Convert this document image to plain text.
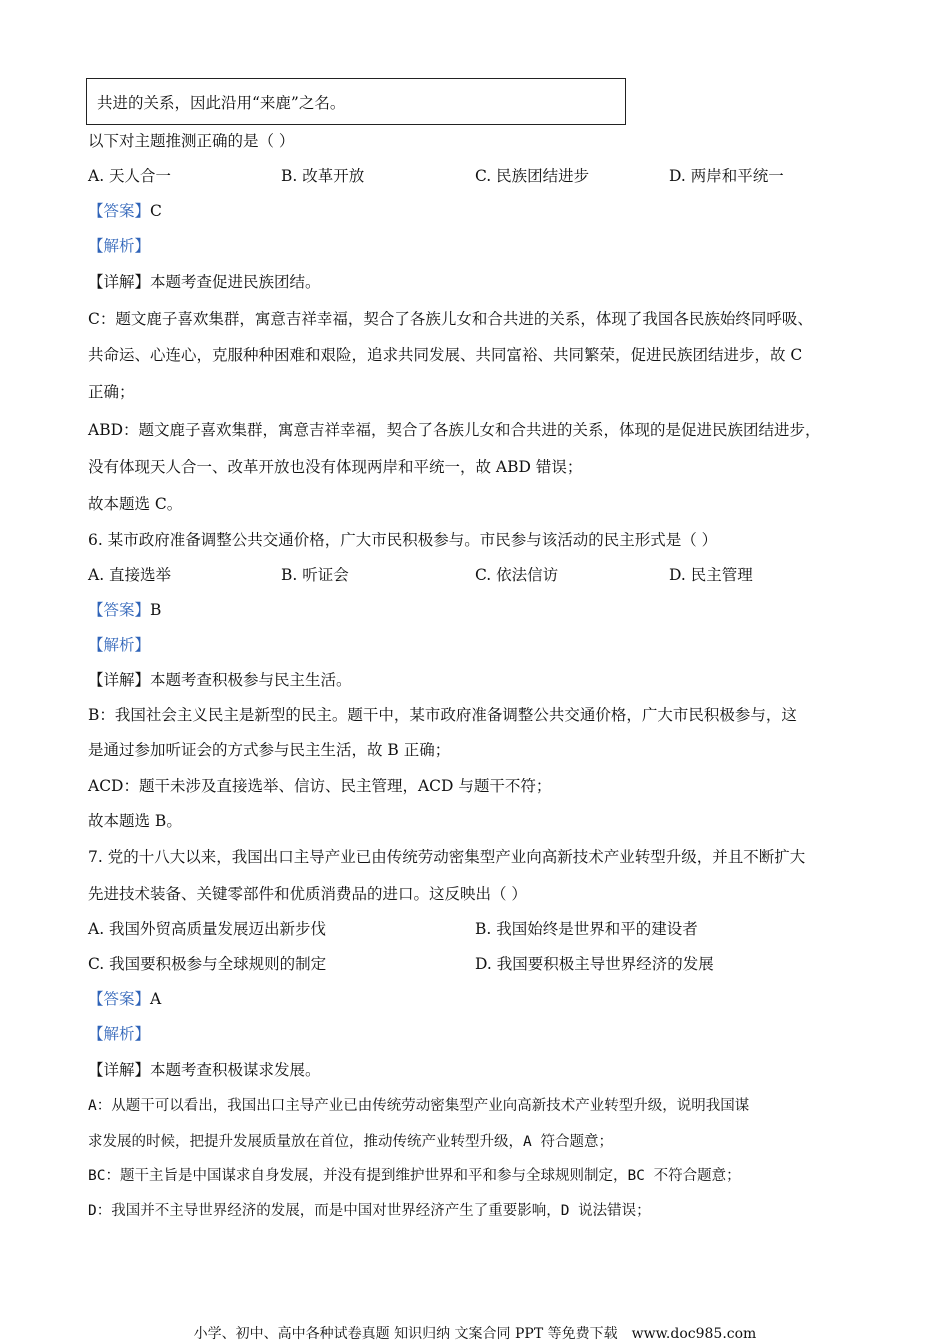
共进的关系，因此沿用“来鹿”之名。
以下对主题推测正确的是（ ）
A. 天人合一	B. 改革开放	C. 民族团结进步	D. 两岸和平统一
【答案】C
【解析】
【详解】本题考查促进民族团结。
C：题文鹿子喜欢集群，寓意吉祥幸福，契合了各族儿女和合共进的关系，体现了我国各民族始终同呼吸、
共命运、心连心，克服种种困难和艰险，追求共同发展、共同富裕、共同繁荣，促进民族团结进步，故 C
正确；
ABD：题文鹿子喜欢集群，寓意吉祥幸福，契合了各族儿女和合共进的关系，体现的是促进民族团结进步，
没有体现天人合一、改革开放也没有体现两岸和平统一，故 ABD 错误；
故本题选 C。
6. 某市政府准备调整公共交通价格，广大市民积极参与。市民参与该活动的民主形式是（ ）
A. 直接选举	B. 听证会	C. 依法信访	D. 民主管理
【答案】B
【解析】
【详解】本题考查积极参与民主生活。
B：我国社会主义民主是新型的民主。题干中，某市政府准备调整公共交通价格，广大市民积极参与，这
是通过参加听证会的方式参与民主生活，故 B 正确；
ACD：题干未涉及直接选举、信访、民主管理，ACD 与题干不符；
故本题选 B。
7. 党的十八大以来，我国出口主导产业已由传统劳动密集型产业向高新技术产业转型升级，并且不断扩大
先进技术装备、关键零部件和优质消费品的进口。这反映出（ ）
A. 我国外贸高质量发展迈出新步伐	B. 我国始终是世界和平的建设者
C. 我国要积极参与全球规则的制定	D. 我国要积极主导世界经济的发展
【答案】A
【解析】
【详解】本题考查积极谋求发展。
A：从题干可以看出，我国出口主导产业已由传统劳动密集型产业向高新技术产业转型升级，说明我国谋
求发展的时候，把提升发展质量放在首位，推动传统产业转型升级，A 符合题意；
BC：题干主旨是中国谋求自身发展，并没有提到维护世界和平和参与全球规则制定，BC 不符合题意；
D：我国并不主导世界经济的发展，而是中国对世界经济产生了重要影响，D 说法错误；
小学、初中、高中各种试卷真题 知识归纳 文案合同 PPT 等免费下载 www.doc985.com
